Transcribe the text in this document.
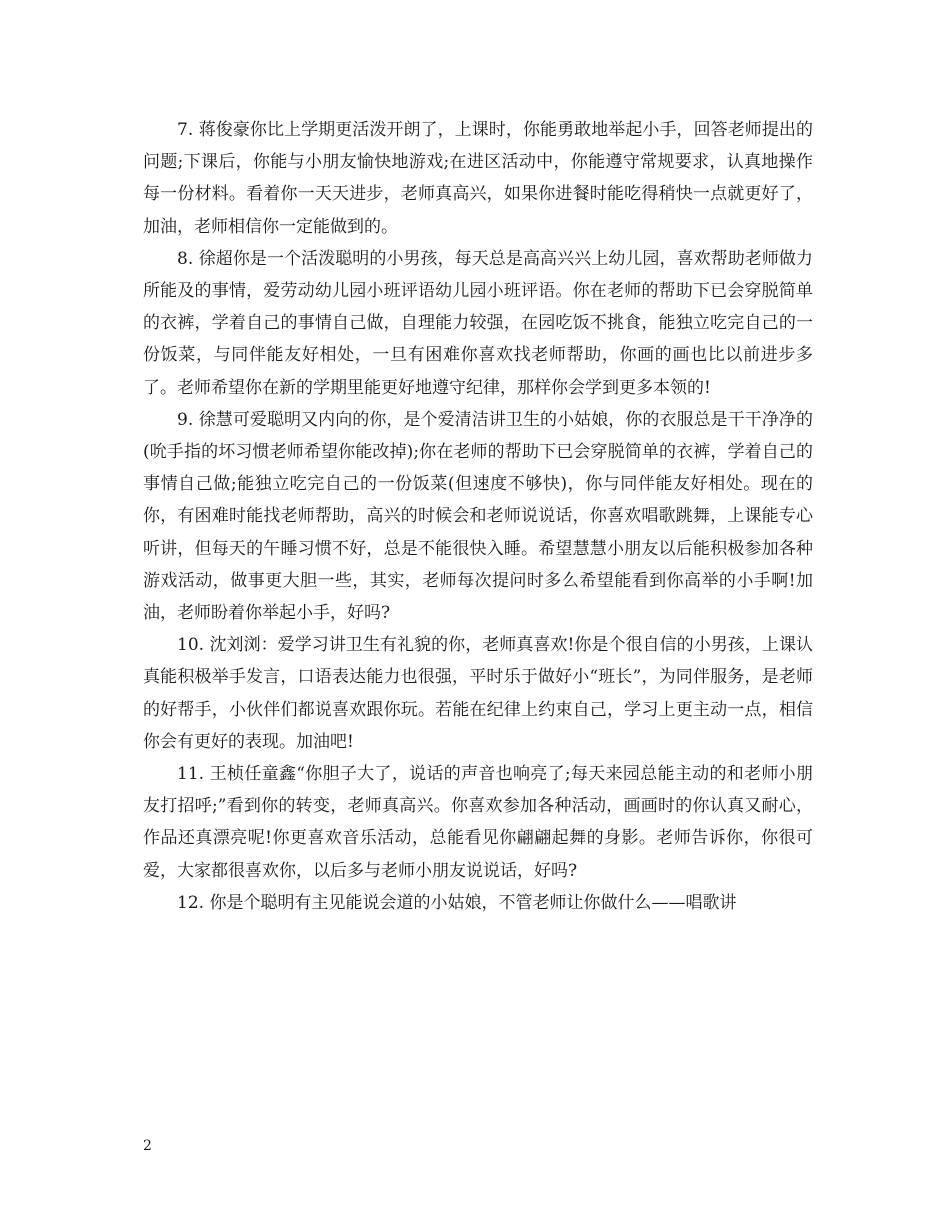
7. 蒋俊豪你比上学期更活泼开朗了，上课时，你能勇敢地举起小手，回答老师提出的问题;下课后，你能与小朋友愉快地游戏;在进区活动中，你能遵守常规要求，认真地操作每一份材料。看着你一天天进步，老师真高兴，如果你进餐时能吃得稍快一点就更好了，加油，老师相信你一定能做到的。

8. 徐超你是一个活泼聪明的小男孩，每天总是高高兴兴上幼儿园，喜欢帮助老师做力所能及的事情，爱劳动幼儿园小班评语幼儿园小班评语。你在老师的帮助下已会穿脱简单的衣裤，学着自己的事情自己做，自理能力较强，在园吃饭不挑食，能独立吃完自己的一份饭菜，与同伴能友好相处，一旦有困难你喜欢找老师帮助，你画的画也比以前进步多了。老师希望你在新的学期里能更好地遵守纪律，那样你会学到更多本领的!

9. 徐慧可爱聪明又内向的你，是个爱清洁讲卫生的小姑娘，你的衣服总是干干净净的(吮手指的坏习惯老师希望你能改掉);你在老师的帮助下已会穿脱简单的衣裤，学着自己的事情自己做;能独立吃完自己的一份饭菜(但速度不够快)，你与同伴能友好相处。现在的你，有困难时能找老师帮助，高兴的时候会和老师说说话，你喜欢唱歌跳舞，上课能专心听讲，但每天的午睡习惯不好，总是不能很快入睡。希望慧慧小朋友以后能积极参加各种游戏活动，做事更大胆一些，其实，老师每次提问时多么希望能看到你高举的小手啊!加油，老师盼着你举起小手，好吗?

10. 沈刘浏：爱学习讲卫生有礼貌的你，老师真喜欢!你是个很自信的小男孩，上课认真能积极举手发言，口语表达能力也很强，平时乐于做好小“班长”，为同伴服务，是老师的好帮手，小伙伴们都说喜欢跟你玩。若能在纪律上约束自己，学习上更主动一点，相信你会有更好的表现。加油吧!

11. 王桢任童鑫“你胆子大了，说话的声音也响亮了;每天来园总能主动的和老师小朋友打招呼;”看到你的转变，老师真高兴。你喜欢参加各种活动，画画时的你认真又耐心，作品还真漂亮呢!你更喜欢音乐活动，总能看见你翩翩起舞的身影。老师告诉你，你很可爱，大家都很喜欢你，以后多与老师小朋友说说话，好吗?

12. 你是个聪明有主见能说会道的小姑娘，不管老师让你做什么——唱歌讲

2
